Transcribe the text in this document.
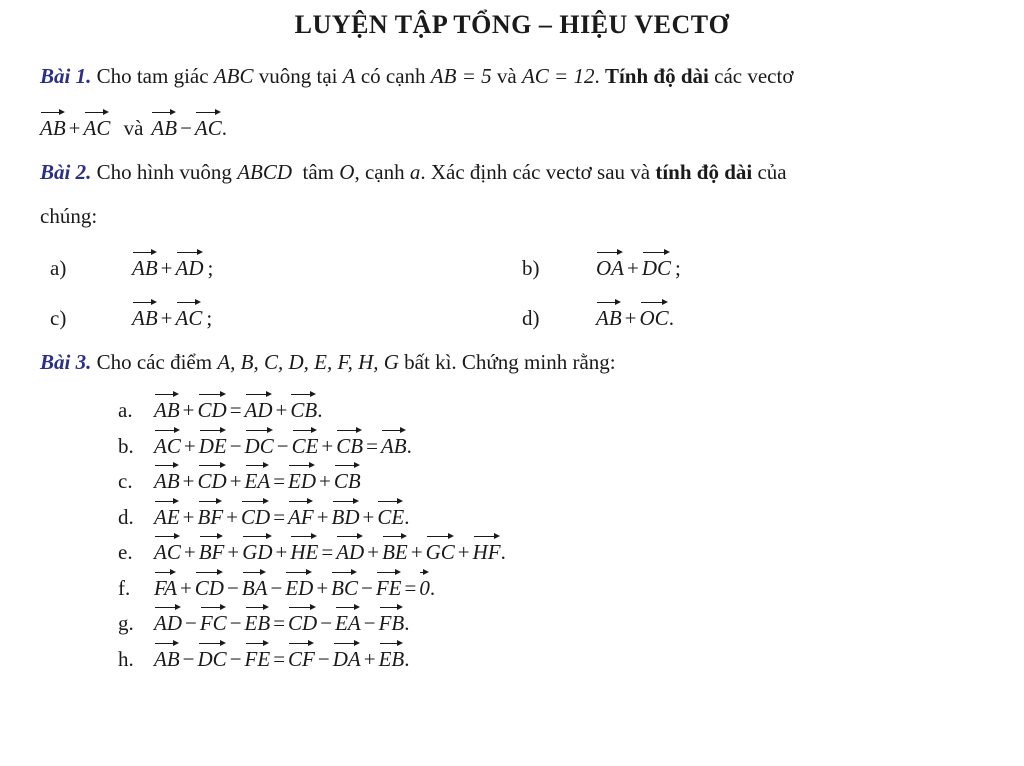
LUYỆN TẬP TỔNG – HIỆU VECTƠ
Bài 1. Cho tam giác ABC vuông tại A có cạnh AB = 5 và AC = 12. Tính độ dài các vectơ
AB + AC và AB − AC.
Bài 2. Cho hình vuông ABCD tâm O, cạnh a. Xác định các vectơ sau và tính độ dài của
chúng:
a)	AB + AD ;	b)	OA + DC ;
c)	AB + AC ;	d)	AB + OC.
Bài 3. Cho các điểm A, B, C, D, E, F, H, G bất kì. Chứng minh rằng:
a. AB + CD = AD + CB.
b. AC + DE − DC − CE + CB = AB.
c. AB + CD + EA = ED + CB
d. AE + BF + CD = AF + BD + CE.
e. AC + BF + GD + HE = AD + BE + GC + HF.
f. FA + CD − BA − ED + BC − FE = 0.
g. AD − FC − EB = CD − EA − FB.
h. AB − DC − FE = CF − DA + EB.
